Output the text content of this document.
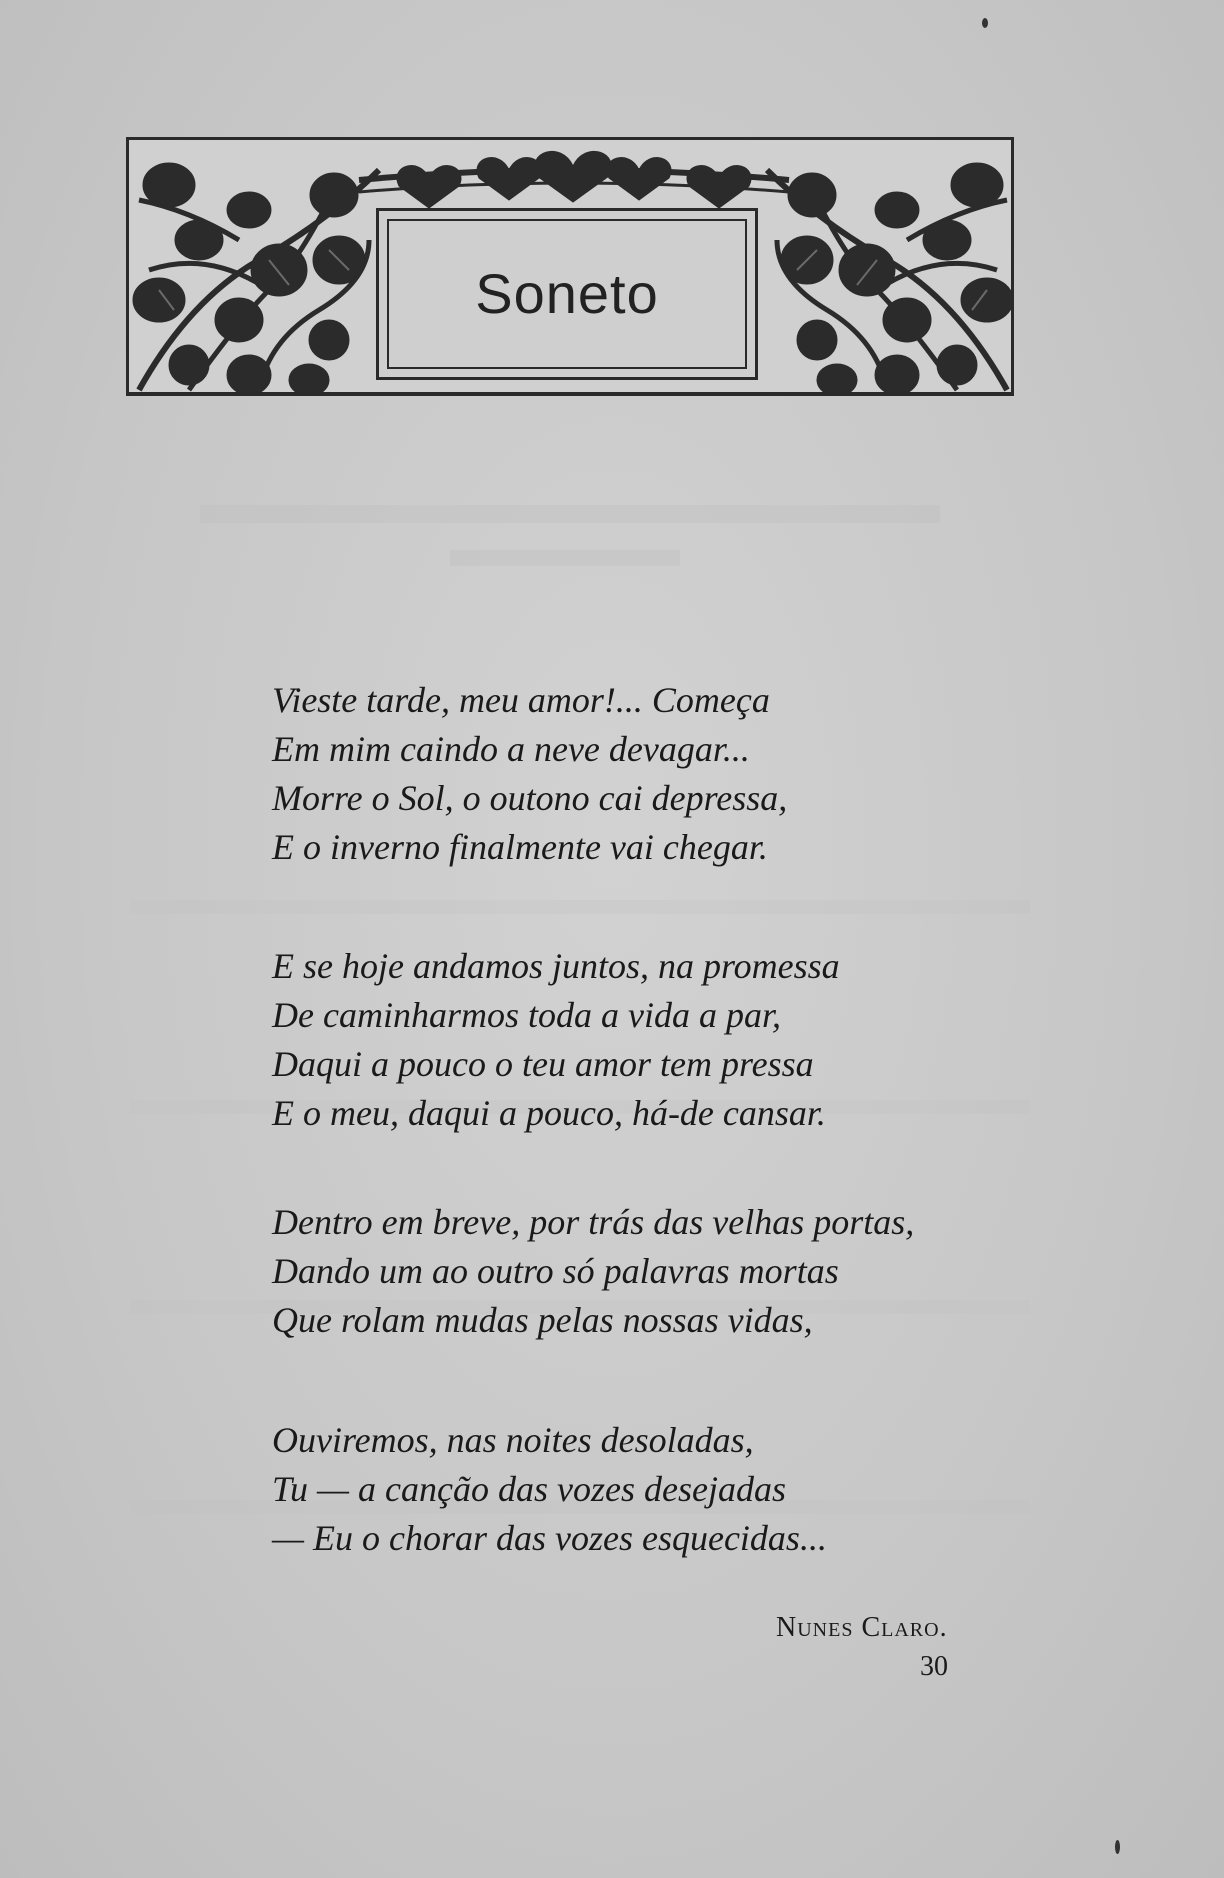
Soneto
Vieste tarde, meu amor!... Começa
Em mim caindo a neve devagar...
Morre o Sol, o outono cai depressa,
E o inverno finalmente vai chegar.
E se hoje andamos juntos, na promessa
De caminharmos toda a vida a par,
Daqui a pouco o teu amor tem pressa
E o meu, daqui a pouco, há-de cansar.
Dentro em breve, por trás das velhas portas,
Dando um ao outro só palavras mortas
Que rolam mudas pelas nossas vidas,
Ouviremos, nas noites desoladas,
Tu — a canção das vozes desejadas
— Eu o chorar das vozes esquecidas...
Nunes Claro.
30
